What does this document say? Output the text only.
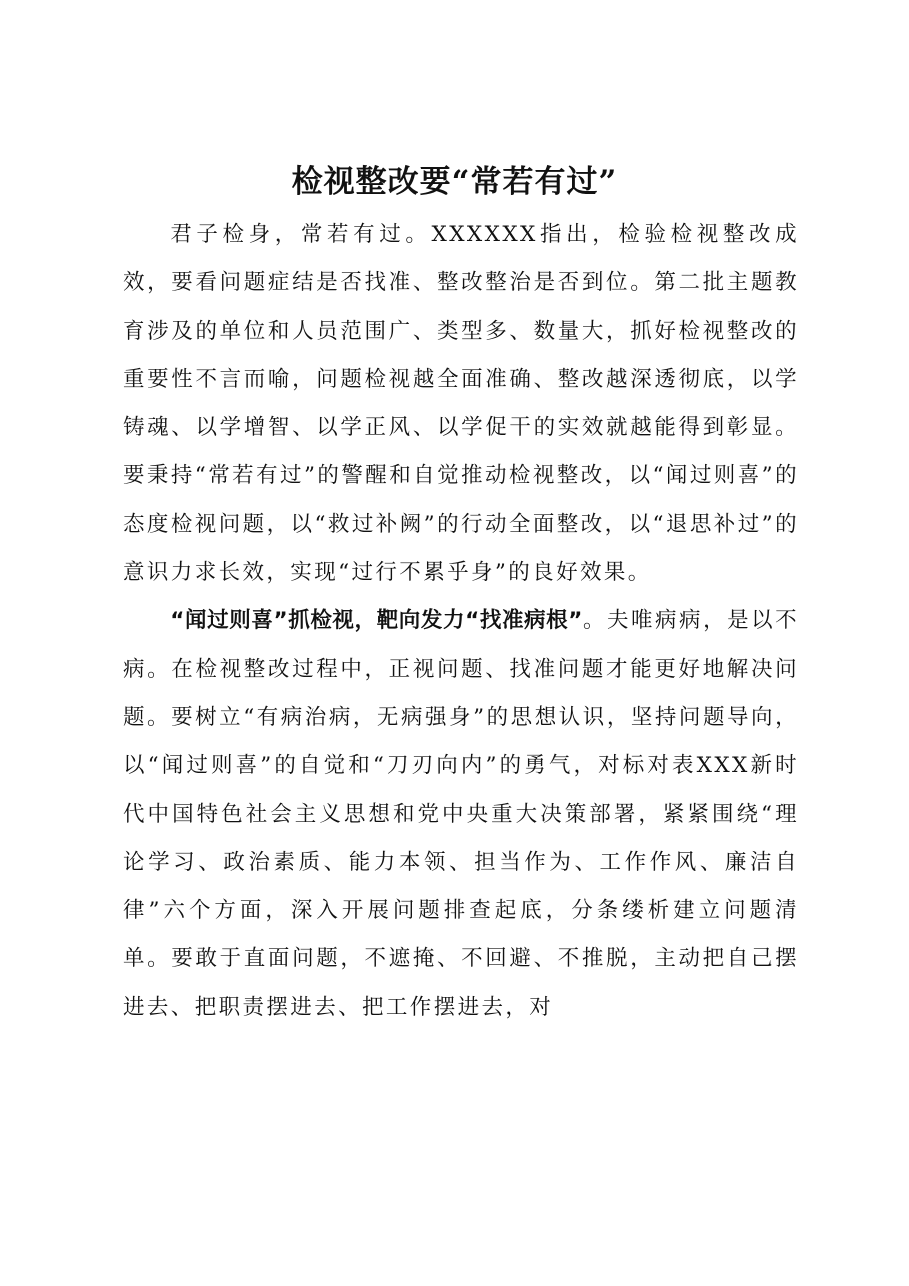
检视整改要“常若有过”

君子检身，常若有过。XXXXXX指出，检验检视整改成效，要看问题症结是否找准、整改整治是否到位。第二批主题教育涉及的单位和人员范围广、类型多、数量大，抓好检视整改的重要性不言而喻，问题检视越全面准确、整改越深透彻底，以学铸魂、以学增智、以学正风、以学促干的实效就越能得到彰显。要秉持“常若有过”的警醒和自觉推动检视整改，以“闻过则喜”的态度检视问题，以“救过补阙”的行动全面整改，以“退思补过”的意识力求长效，实现“过行不累乎身”的良好效果。

“闻过则喜”抓检视，靶向发力“找准病根”。夫唯病病，是以不病。在检视整改过程中，正视问题、找准问题才能更好地解决问题。要树立“有病治病，无病强身”的思想认识，坚持问题导向，以“闻过则喜”的自觉和“刀刃向内”的勇气，对标对表XXX新时代中国特色社会主义思想和党中央重大决策部署，紧紧围绕“理论学习、政治素质、能力本领、担当作为、工作作风、廉洁自律”六个方面，深入开展问题排查起底，分条缕析建立问题清单。要敢于直面问题，不遮掩、不回避、不推脱，主动把自己摆进去、把职责摆进去、把工作摆进去，对
